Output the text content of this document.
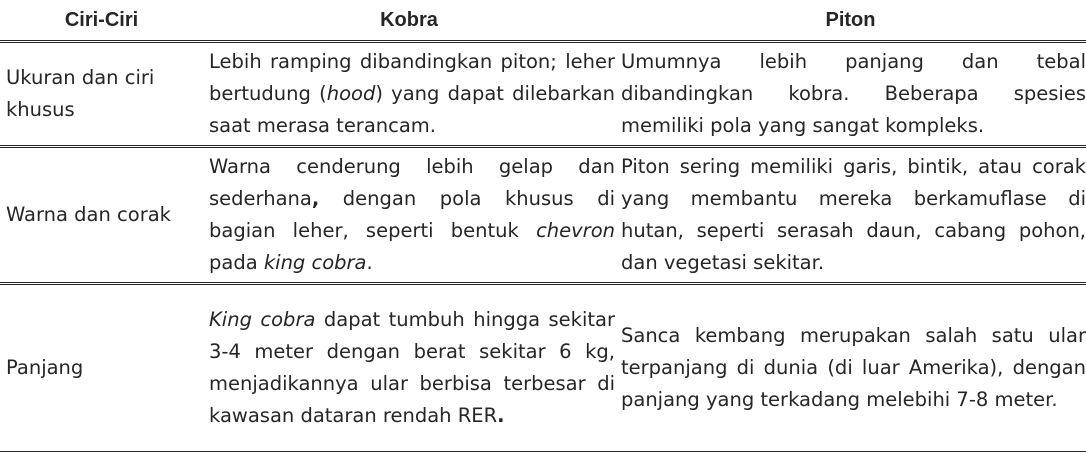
Ciri-Ciri	Kobra	Piton
Ukuran dan ciri khusus	Lebih ramping dibandingkan piton; leher bertudung (hood) yang dapat dilebarkan saat merasa terancam.	Umumnya lebih panjang dan tebal dibandingkan kobra. Beberapa spesies memiliki pola yang sangat kompleks.
Warna dan corak	Warna cenderung lebih gelap dan sederhana, dengan pola khusus di bagian leher, seperti bentuk chevron pada king cobra.	Piton sering memiliki garis, bintik, atau corak yang membantu mereka berkamuflase di hutan, seperti serasah daun, cabang pohon, dan vegetasi sekitar.
Panjang	King cobra dapat tumbuh hingga sekitar 3-4 meter dengan berat sekitar 6 kg, menjadikannya ular berbisa terbesar di kawasan dataran rendah RER.	Sanca kembang merupakan salah satu ular terpanjang di dunia (di luar Amerika), dengan panjang yang terkadang melebihi 7-8 meter.
